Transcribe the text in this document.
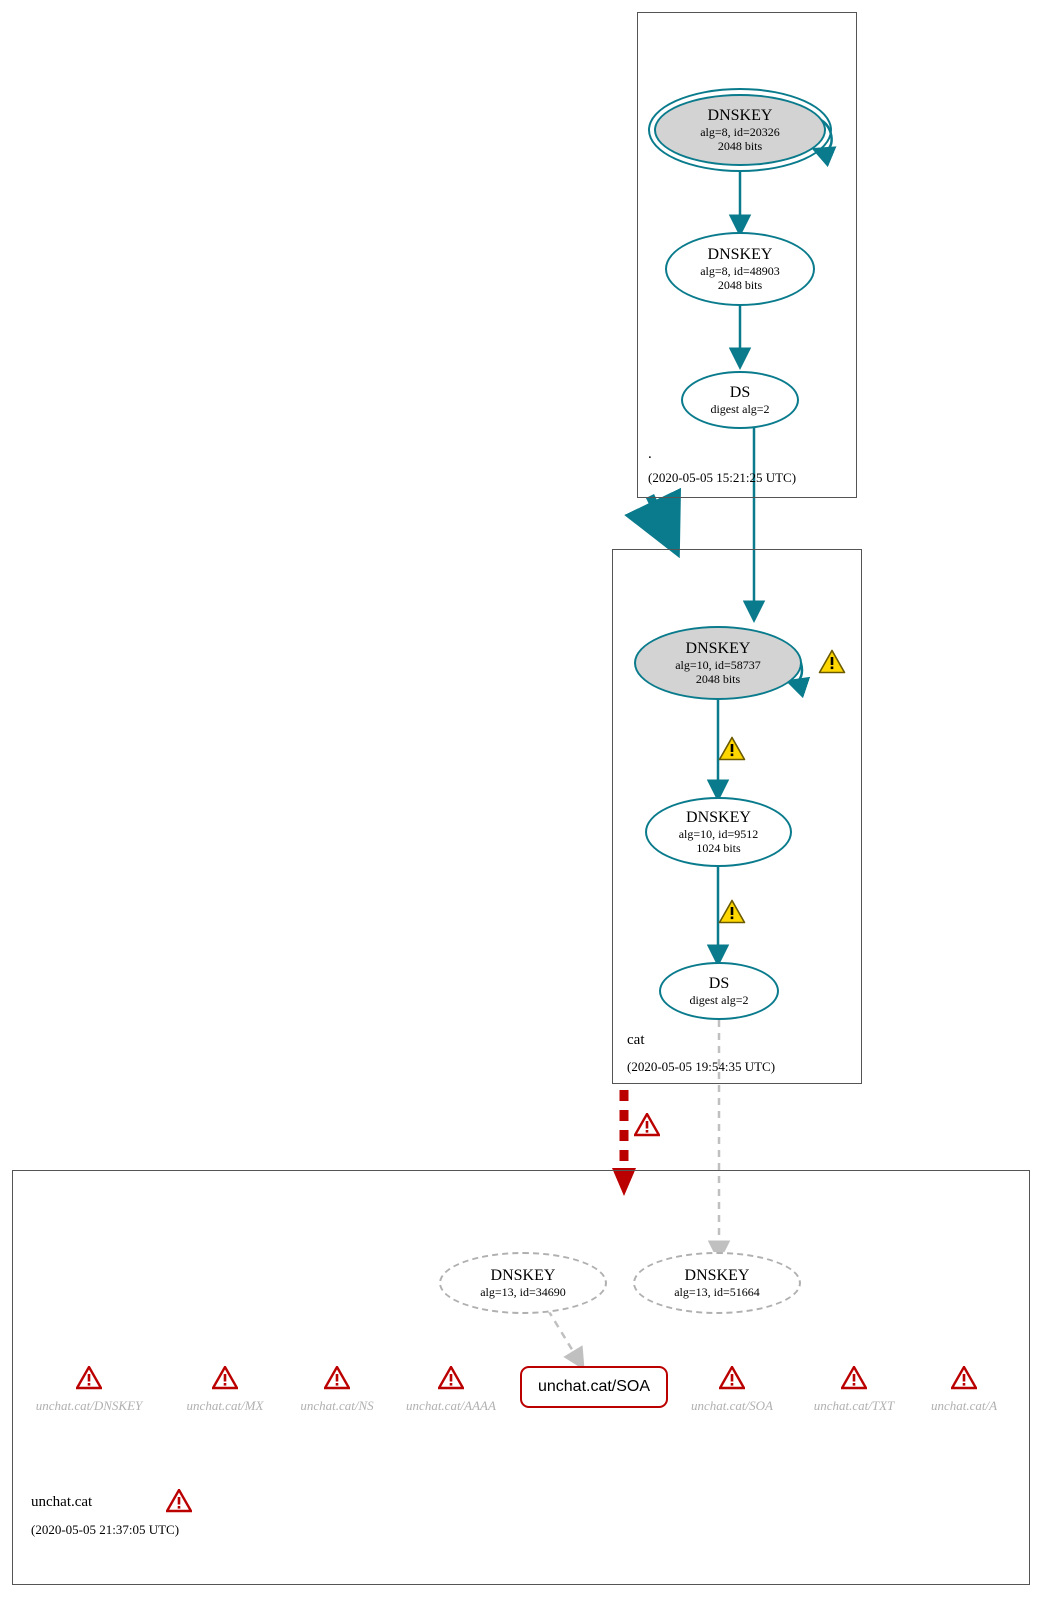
.
(2020-05-05 15:21:25 UTC)
cat
(2020-05-05 19:54:35 UTC)
unchat.cat
(2020-05-05 21:37:05 UTC)
DNSKEY
alg=8, id=20326
2048 bits
DNSKEY
alg=8, id=48903
2048 bits
DS
digest alg=2
DNSKEY
alg=10, id=58737
2048 bits
DNSKEY
alg=10, id=9512
1024 bits
DS
digest alg=2
DNSKEY
alg=13, id=34690
DNSKEY
alg=13, id=51664
unchat.cat/SOA
unchat.cat/DNSKEY	unchat.cat/MX	unchat.cat/NS	unchat.cat/AAAA	unchat.cat/SOA	unchat.cat/TXT	unchat.cat/A
